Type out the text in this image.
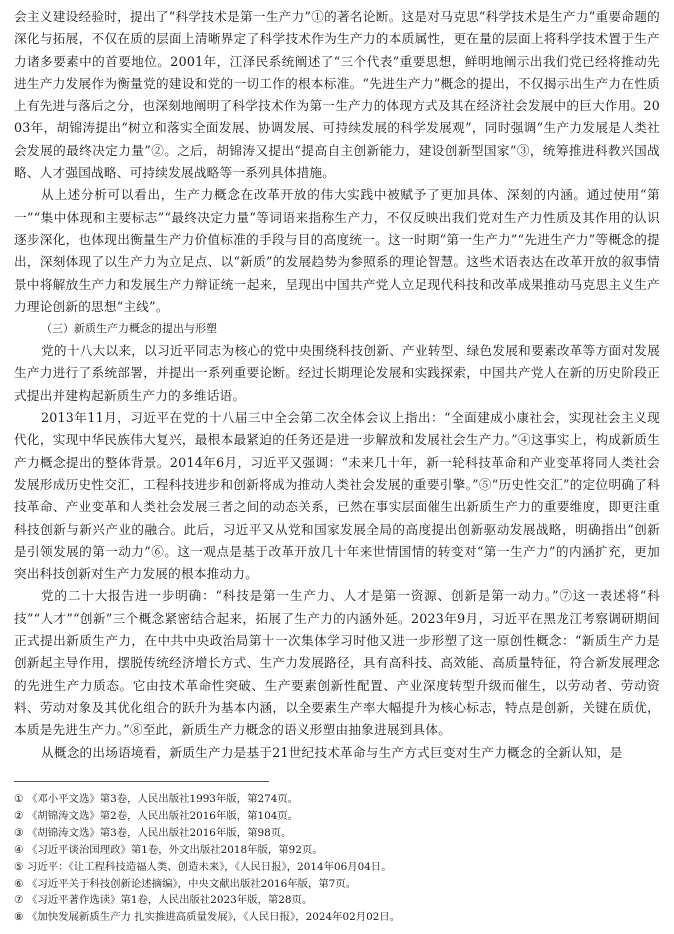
会主义建设经验时，提出了“科学技术是第一生产力”①的著名论断。这是对马克思“科学技术是生产力”重要命题的深化与拓展，不仅在质的层面上清晰界定了科学技术作为生产力的本质属性，更在量的层面上将科学技术置于生产力诸多要素中的首要地位。2001年，江泽民系统阐述了“三个代表”重要思想，鲜明地阐示出我们党已经将推动先进生产力发展作为衡量党的建设和党的一切工作的根本标准。“先进生产力”概念的提出，不仅揭示出生产力在性质上有先进与落后之分，也深刻地阐明了科学技术作为第一生产力的体现方式及其在经济社会发展中的巨大作用。2003年，胡锦涛提出“树立和落实全面发展、协调发展、可持续发展的科学发展观”，同时强调“生产力发展是人类社会发展的最终决定力量”②。之后，胡锦涛又提出“提高自主创新能力，建设创新型国家”③，统筹推进科教兴国战略、人才强国战略、可持续发展战略等一系列具体措施。

从上述分析可以看出，生产力概念在改革开放的伟大实践中被赋予了更加具体、深刻的内涵。通过使用“第一”“集中体现和主要标志”“最终决定力量”等词语来指称生产力，不仅反映出我们党对生产力性质及其作用的认识逐步深化，也体现出衡量生产力价值标准的手段与目的高度统一。这一时期“第一生产力”“先进生产力”等概念的提出，深刻体现了以生产力为立足点、以“新质”的发展趋势为参照系的理论智慧。这些术语表达在改革开放的叙事情景中将解放生产力和发展生产力辩证统一起来，呈现出中国共产党人立足现代科技和改革成果推动马克思主义生产力理论创新的思想“主线”。

（三）新质生产力概念的提出与形塑

党的十八大以来，以习近平同志为核心的党中央围绕科技创新、产业转型、绿色发展和要素改革等方面对发展生产力进行了系统部署，并提出一系列重要论断。经过长期理论发展和实践探索，中国共产党人在新的历史阶段正式提出并建构起新质生产力的多维话语。

2013年11月，习近平在党的十八届三中全会第二次全体会议上指出：“全面建成小康社会，实现社会主义现代化，实现中华民族伟大复兴，最根本最紧迫的任务还是进一步解放和发展社会生产力。”④这事实上，构成新质生产力概念提出的整体背景。2014年6月，习近平又强调：“未来几十年，新一轮科技革命和产业变革将同人类社会发展形成历史性交汇，工程科技进步和创新将成为推动人类社会发展的重要引擎。”⑤“历史性交汇”的定位明确了科技革命、产业变革和人类社会发展三者之间的动态关系，已然在事实层面催生出新质生产力的重要维度，即更注重科技创新与新兴产业的融合。此后，习近平又从党和国家发展全局的高度提出创新驱动发展战略，明确指出“创新是引领发展的第一动力”⑥。这一观点是基于改革开放几十年来世情国情的转变对“第一生产力”的内涵扩充，更加突出科技创新对生产力发展的根本推动力。

党的二十大报告进一步明确：“科技是第一生产力、人才是第一资源、创新是第一动力。”⑦这一表述将“科技”“人才”“创新”三个概念紧密结合起来，拓展了生产力的内涵外延。2023年9月，习近平在黑龙江考察调研期间正式提出新质生产力，在中共中央政治局第十一次集体学习时他又进一步形塑了这一原创性概念：“新质生产力是创新起主导作用，摆脱传统经济增长方式、生产力发展路径，具有高科技、高效能、高质量特征，符合新发展理念的先进生产力质态。它由技术革命性突破、生产要素创新性配置、产业深度转型升级而催生，以劳动者、劳动资料、劳动对象及其优化组合的跃升为基本内涵，以全要素生产率大幅提升为核心标志，特点是创新，关键在质优，本质是先进生产力。”⑧至此，新质生产力概念的语义形塑由抽象进展到具体。

从概念的出场语境看，新质生产力是基于21世纪技术革命与生产方式巨变对生产力概念的全新认知，是

① 《邓小平文选》第3卷，人民出版社1993年版，第274页。
② 《胡锦涛文选》第2卷，人民出版社2016年版，第104页。
③ 《胡锦涛文选》第3卷，人民出版社2016年版，第98页。
④ 《习近平谈治国理政》第1卷，外文出版社2018年版，第92页。
⑤ 习近平：《让工程科技造福人类、创造未来》，《人民日报》，2014年06月04日。
⑥ 《习近平关于科技创新论述摘编》，中央文献出版社2016年版，第7页。
⑦ 《习近平著作选读》第1卷，人民出版社2023年版，第28页。
⑧ 《加快发展新质生产力 扎实推进高质量发展》，《人民日报》，2024年02月02日。
